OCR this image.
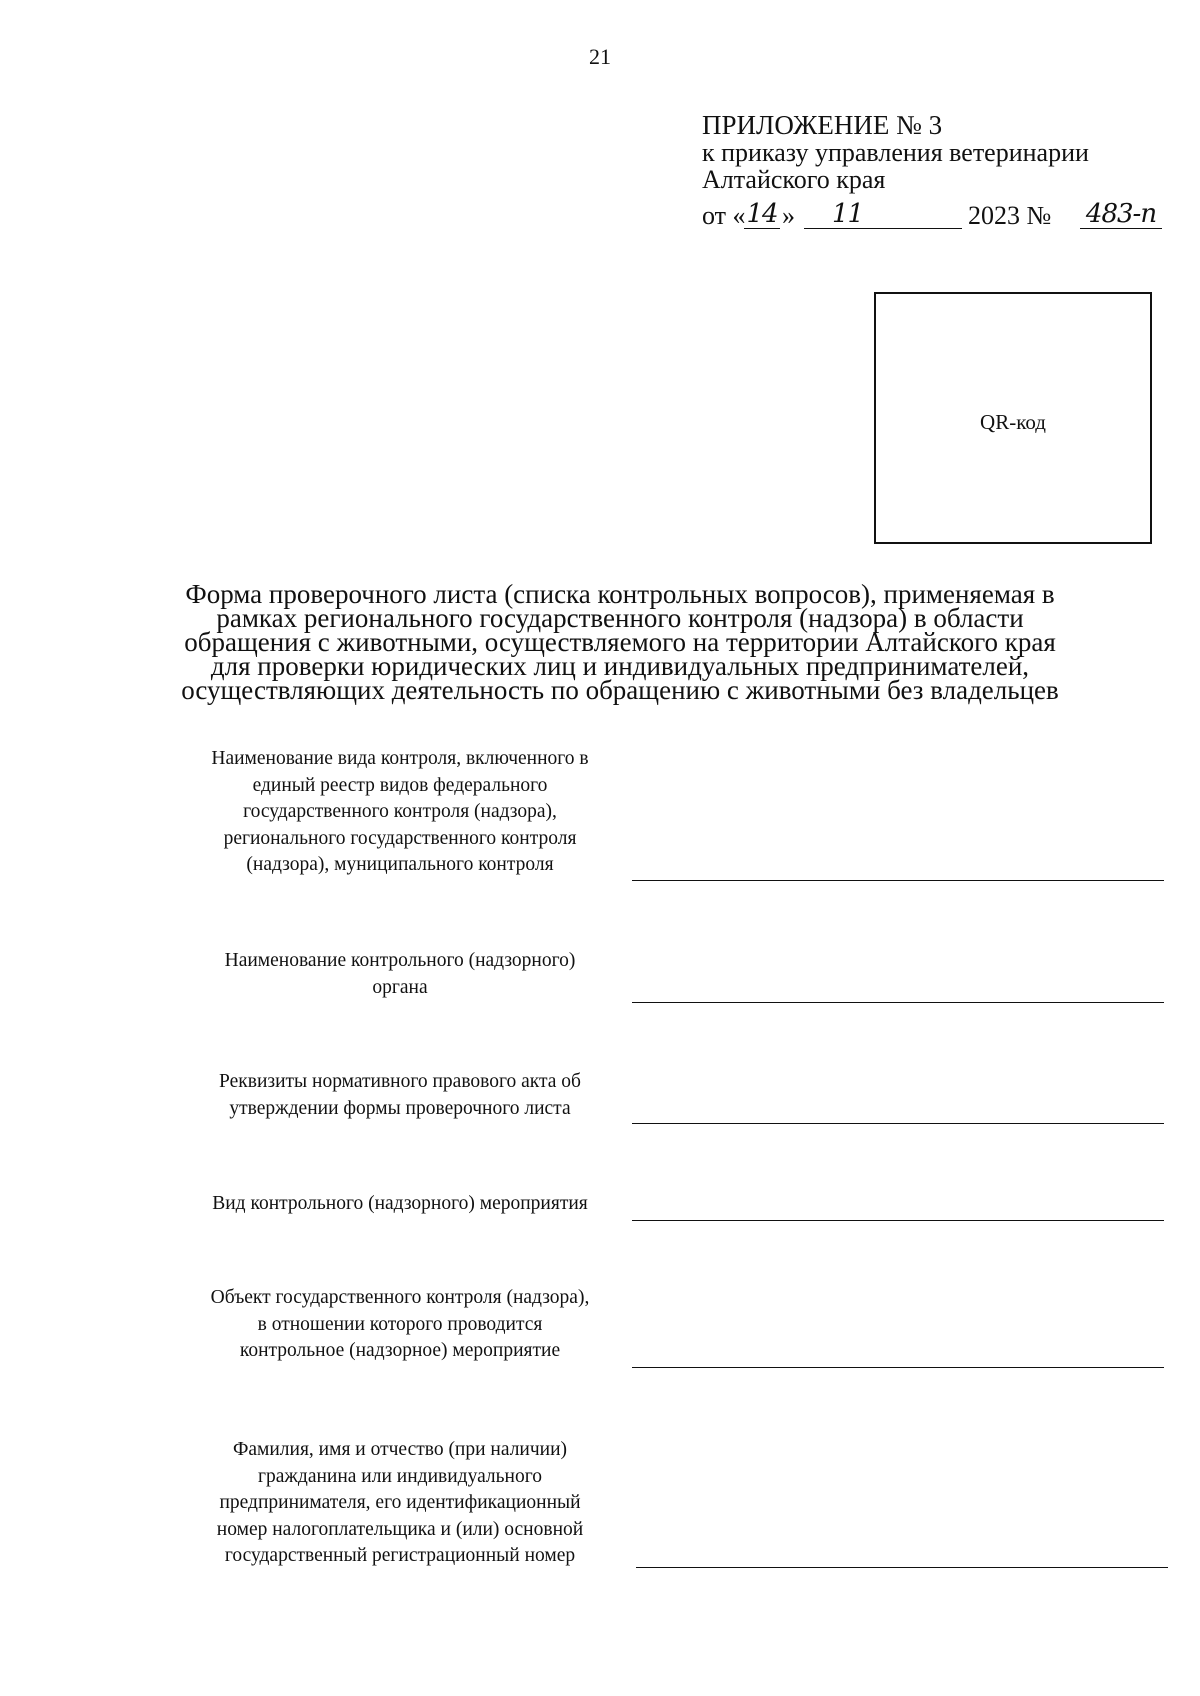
21
ПРИЛОЖЕНИЕ № 3
к приказу управления ветеринарии
Алтайского края
от « 14 »	11	2023 № 483-п
QR-код
Форма проверочного листа (списка контрольных вопросов), применяемая в
рамках регионального государственного контроля (надзора) в области
обращения с животными, осуществляемого на территории Алтайского края
для проверки юридических лиц и индивидуальных предпринимателей,
осуществляющих деятельность по обращению с животными без владельцев
Наименование вида контроля, включенного в
единый реестр видов федерального
государственного контроля (надзора),
регионального государственного контроля
(надзора), муниципального контроля
Наименование контрольного (надзорного)
органа
Реквизиты нормативного правового акта об
утверждении формы проверочного листа
Вид контрольного (надзорного) мероприятия
Объект государственного контроля (надзора),
в отношении которого проводится
контрольное (надзорное) мероприятие
Фамилия, имя и отчество (при наличии)
гражданина или индивидуального
предпринимателя, его идентификационный
номер налогоплательщика и (или) основной
государственный регистрационный номер
